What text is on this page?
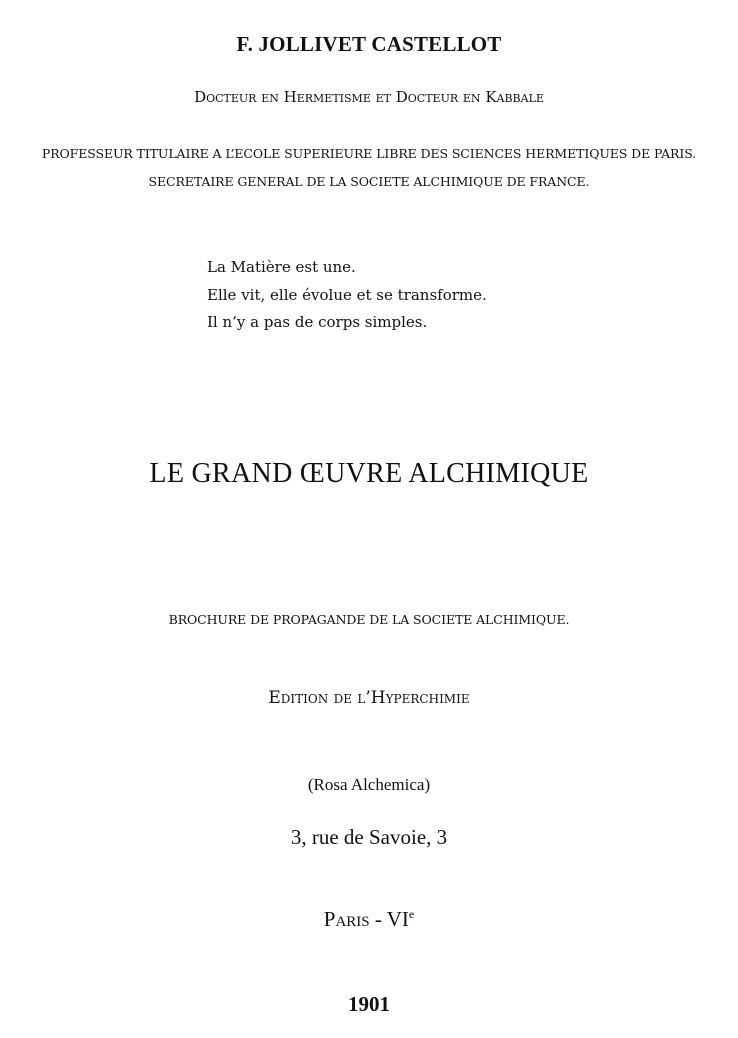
F. JOLLIVET CASTELLOT
Docteur en Hermetisme et Docteur en Kabbale
PROFESSEUR TITULAIRE A L’ECOLE SUPERIEURE LIBRE DES SCIENCES HERMETIQUES DE PARIS.
SECRETAIRE GENERAL DE LA SOCIETE ALCHIMIQUE DE FRANCE.
La Matière est une.
Elle vit, elle évolue et se transforme.
Il n’y a pas de corps simples.
LE GRAND ŒUVRE ALCHIMIQUE
BROCHURE DE PROPAGANDE DE LA SOCIETE ALCHIMIQUE.
Edition de l’Hyperchimie
(Rosa Alchemica)
3, rue de Savoie, 3
Paris - VIe
1901
